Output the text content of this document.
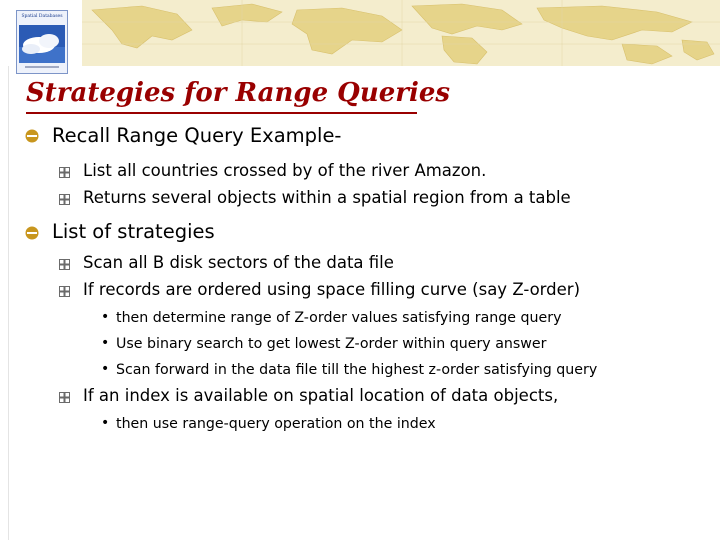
Spatial Databases
Strategies for Range Queries
Recall Range Query Example-
List all countries crossed by of the river Amazon.
Returns several objects within a spatial region from a table
List of strategies
Scan all B disk sectors of the data file
If records are ordered using space filling curve (say Z-order)
• then determine range of Z-order values satisfying range query
• Use binary search to get lowest Z-order within query answer
• Scan forward in the data file till the highest z-order satisfying query
If an index is available on spatial location of data objects,
• then use range-query operation on the index
